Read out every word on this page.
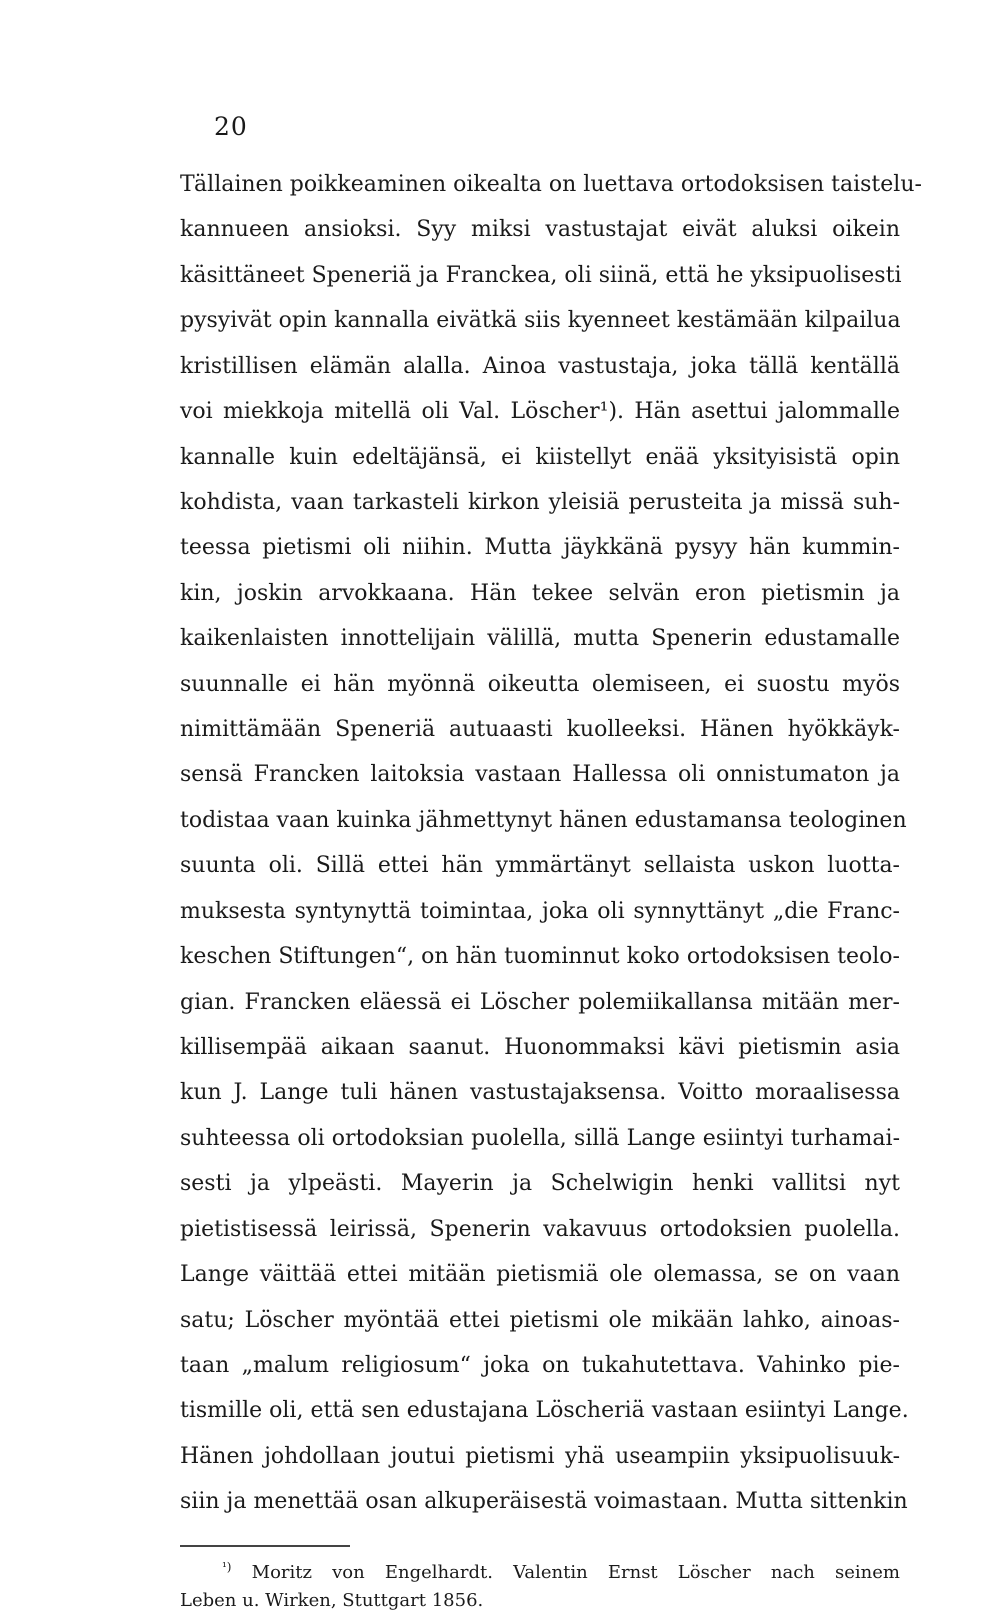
20
Tällainen poikkeaminen oikealta on luettava ortodoksisen taistelu-
kannueen ansioksi. Syy miksi vastustajat eivät aluksi oikein
käsittäneet Speneriä ja Franckea, oli siinä, että he yksipuolisesti
pysyivät opin kannalla eivätkä siis kyenneet kestämään kilpailua
kristillisen elämän alalla. Ainoa vastustaja, joka tällä kentällä
voi miekkoja mitellä oli Val. Löscher¹). Hän asettui jalommalle
kannalle kuin edeltäjänsä, ei kiistellyt enää yksityisistä opin
kohdista, vaan tarkasteli kirkon yleisiä perusteita ja missä suh-
teessa pietismi oli niihin. Mutta jäykkänä pysyy hän kummin-
kin, joskin arvokkaana. Hän tekee selvän eron pietismin ja
kaikenlaisten innottelijain välillä, mutta Spenerin edustamalle
suunnalle ei hän myönnä oikeutta olemiseen, ei suostu myös
nimittämään Speneriä autuaasti kuolleeksi. Hänen hyökkäyk-
sensä Francken laitoksia vastaan Hallessa oli onnistumaton ja
todistaa vaan kuinka jähmettynyt hänen edustamansa teologinen
suunta oli. Sillä ettei hän ymmärtänyt sellaista uskon luotta-
muksesta syntynyttä toimintaa, joka oli synnyttänyt „die Franc-
keschen Stiftungen“, on hän tuominnut koko ortodoksisen teolo-
gian. Francken eläessä ei Löscher polemiikallansa mitään mer-
killisempää aikaan saanut. Huonommaksi kävi pietismin asia
kun J. Lange tuli hänen vastustajaksensa. Voitto moraalisessa
suhteessa oli ortodoksian puolella, sillä Lange esiintyi turhamai-
sesti ja ylpeästi. Mayerin ja Schelwigin henki vallitsi nyt
pietistisessä leirissä, Spenerin vakavuus ortodoksien puolella.
Lange väittää ettei mitään pietismiä ole olemassa, se on vaan
satu; Löscher myöntää ettei pietismi ole mikään lahko, ainoas-
taan „malum religiosum“ joka on tukahutettava. Vahinko pie-
tismille oli, että sen edustajana Löscheriä vastaan esiintyi Lange.
Hänen johdollaan joutui pietismi yhä useampiin yksipuolisuuk-
siin ja menettää osan alkuperäisestä voimastaan. Mutta sittenkin
$^{^1)}$ Moritz von Engelhardt. Valentin Ernst Löscher nach seinem
Leben u. Wirken, Stuttgart 1856.
